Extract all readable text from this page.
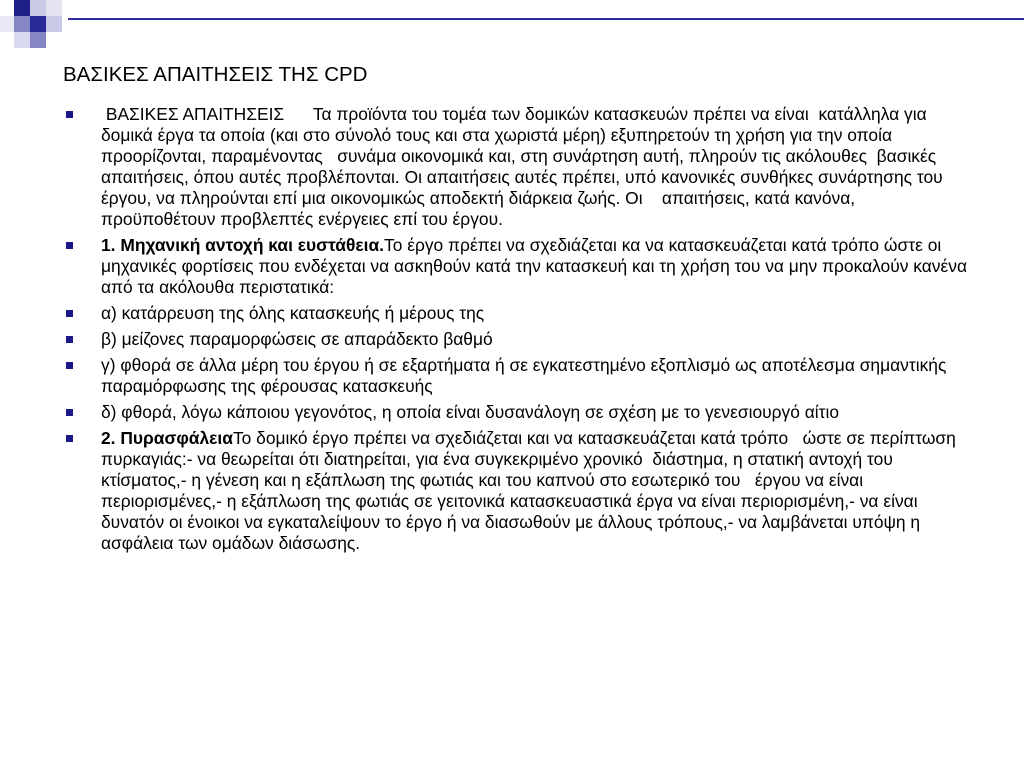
ΒΑΣΙΚΕΣ ΑΠΑΙΤΗΣΕΙΣ ΤΗΣ CPD
ΒΑΣΙΚΕΣ ΑΠΑΙΤΗΣΕΙΣ      Τα προϊόντα του τομέα των δομικών κατασκευών πρέπει να είναι  κατάλληλα για δομικά έργα τα οποία (και στο σύνολό τους και στα χωριστά μέρη) εξυπηρετούν τη χρήση για την οποία προορίζονται, παραμένοντας   συνάμα οικονομικά και, στη συνάρτηση αυτή, πληρούν τις ακόλουθες  βασικές απαιτήσεις, όπου αυτές προβλέπονται. Οι απαιτήσεις αυτές πρέπει, υπό κανονικές συνθήκες συνάρτησης του έργου, να πληρούνται επί μια οικονομικώς αποδεκτή διάρκεια ζωής. Οι    απαιτήσεις, κατά κανόνα, προϋποθέτουν προβλεπτές ενέργειες επί του έργου.
1. Μηχανική αντοχή και ευστάθεια.Το έργο πρέπει να σχεδιάζεται κα να κατασκευάζεται κατά τρόπο ώστε οι   μηχανικές φορτίσεις που ενδέχεται να ασκηθούν κατά την κατασκευή και τη χρήση του να μην προκαλούν κανένα από τα ακόλουθα περιστατικά:
α) κατάρρευση της όλης κατασκευής ή μέρους της
β) μείζονες παραμορφώσεις σε απαράδεκτο βαθμό
γ) φθορά σε άλλα μέρη του έργου ή σε εξαρτήματα ή σε εγκατεστημένο εξοπλισμό ως αποτέλεσμα σημαντικής παραμόρφωσης της φέρουσας κατασκευής
δ) φθορά, λόγω κάποιου γεγονότος, η οποία είναι δυσανάλογη σε σχέση με το γενεσιουργό αίτιο
2. ΠυρασφάλειαΤο δομικό έργο πρέπει να σχεδιάζεται και να κατασκευάζεται κατά τρόπο   ώστε σε περίπτωση πυρκαγιάς:- να θεωρείται ότι διατηρείται, για ένα συγκεκριμένο χρονικό  διάστημα, η στατική αντοχή του κτίσματος,- η γένεση και η εξάπλωση της φωτιάς και του καπνού στο εσωτερικό του   έργου να είναι περιορισμένες,- η εξάπλωση της φωτιάς σε γειτονικά κατασκευαστικά έργα να είναι περιορισμένη,- να είναι δυνατόν οι ένοικοι να εγκαταλείψουν το έργο ή να διασωθούν με άλλους τρόπους,- να λαμβάνεται υπόψη η ασφάλεια των ομάδων διάσωσης.
